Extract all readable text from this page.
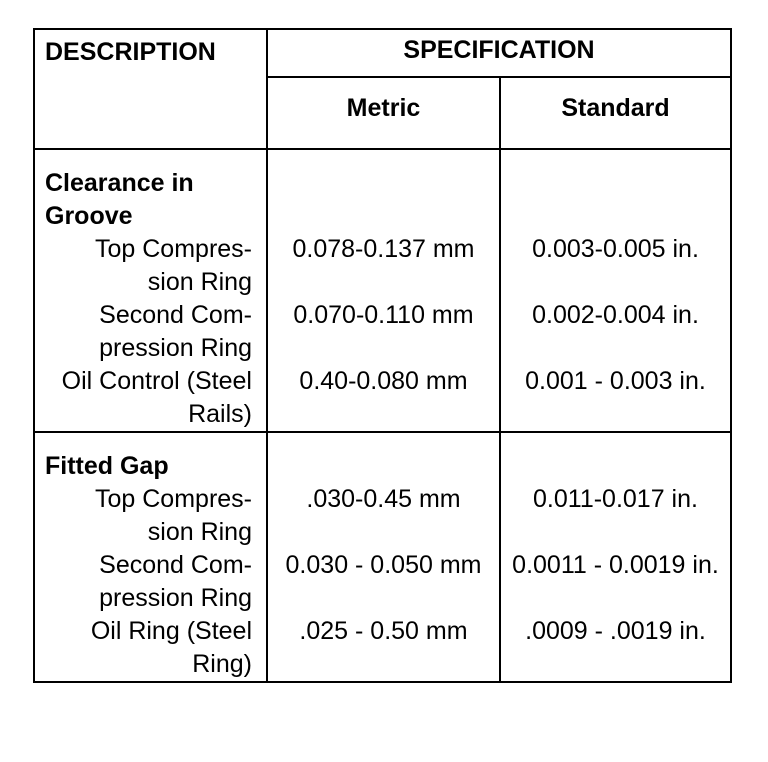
DESCRIPTION	SPECIFICATION	
	Metric	Standard
Clearance in Groove		
Top Compres- sion Ring	0.078-0.137 mm	0.003-0.005 in.
Second Com- pression Ring	0.070-0.110 mm	0.002-0.004 in.
Oil Control (Steel Rails)	0.40-0.080 mm	0.001 - 0.003 in.
Fitted Gap		
Top Compres- sion Ring	.030-0.45 mm	0.011-0.017 in.
Second Com- pression Ring	0.030 - 0.050 mm	0.0011 - 0.0019 in.
Oil Ring (Steel Ring)	.025 - 0.50 mm	.0009 - .0019 in.
